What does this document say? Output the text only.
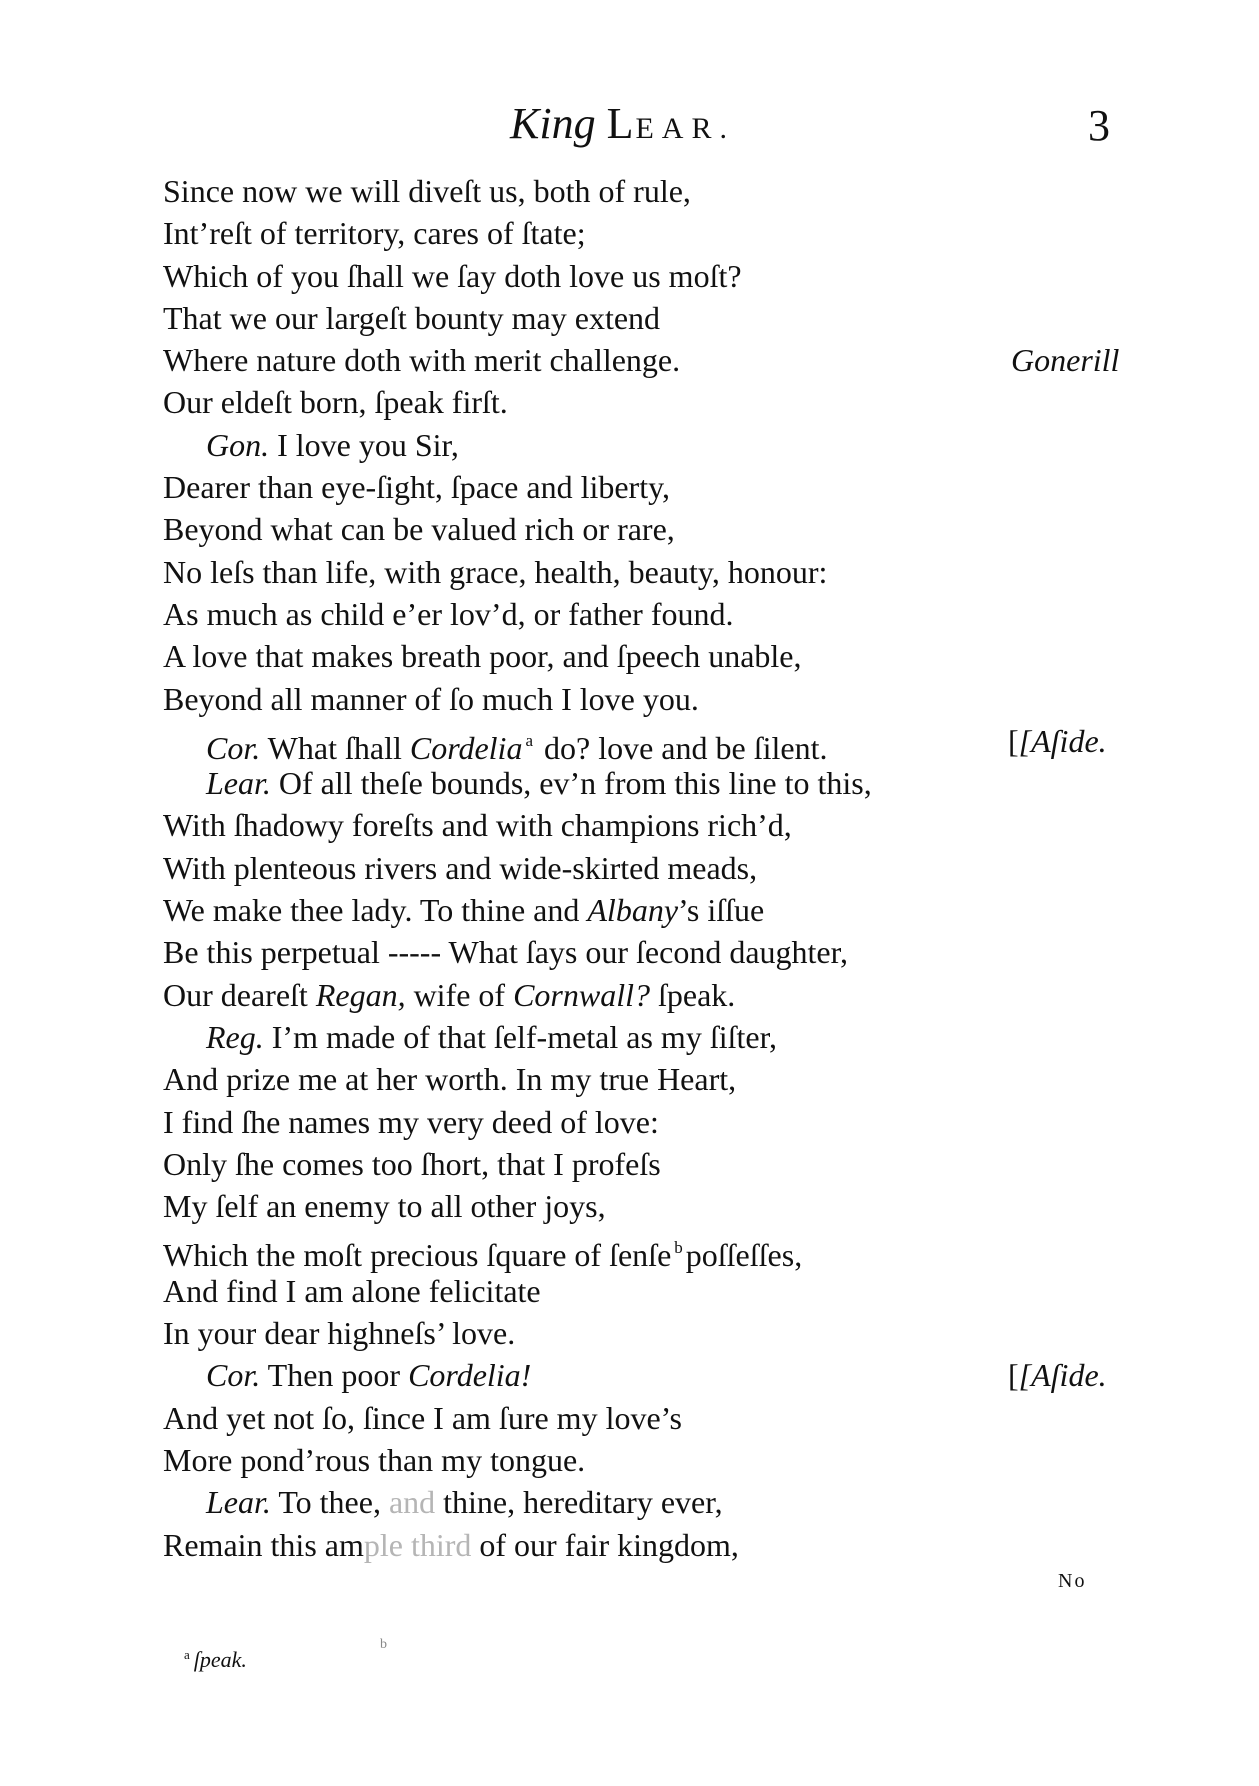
King LEAR.	3
Since now we will diveſt us, both of rule,
Int’reſt of territory, cares of ſtate;
Which of you ſhall we ſay doth love us moſt?
That we our largeſt bounty may extend
Where nature doth with merit challenge.	Gonerill
Our eldeſt born, ſpeak firſt.
Gon. I love you Sir,
Dearer than eye-ſight, ſpace and liberty,
Beyond what can be valued rich or rare,
No leſs than life, with grace, health, beauty, honour:
As much as child e’er lov’d, or father found.
A love that makes breath poor, and ſpeech unable,
Beyond all manner of ſo much I love you.
Cor. What ſhall Cordelia $^a$ do? love and be ſilent.	[[Aſide.
Lear. Of all theſe bounds, ev’n from this line to this,
With ſhadowy foreſts and with champions rich’d,
With plenteous rivers and wide-skirted meads,
We make thee lady. To thine and Albany’s iſſue
Be this perpetual ----- What ſays our ſecond daughter,
Our deareſt Regan, wife of Cornwall? ſpeak.
Reg. I’m made of that ſelf-metal as my ſiſter,
And prize me at her worth. In my true Heart,
I find ſhe names my very deed of love:
Only ſhe comes too ſhort, that I profeſs
My ſelf an enemy to all other joys,
Which the moſt precious ſquare of ſenſe $^b$poſſeſſes,
And find I am alone felicitate
In your dear highneſs’ love.
Cor. Then poor Cordelia!	[[Aſide.
And yet not ſo, ſince I am ſure my love’s
More pond’rous than my tongue.
Lear. To thee, and thine, hereditary ever,
Remain this ample third of our fair kingdom,
No
$^a$ ſpeak.
b
